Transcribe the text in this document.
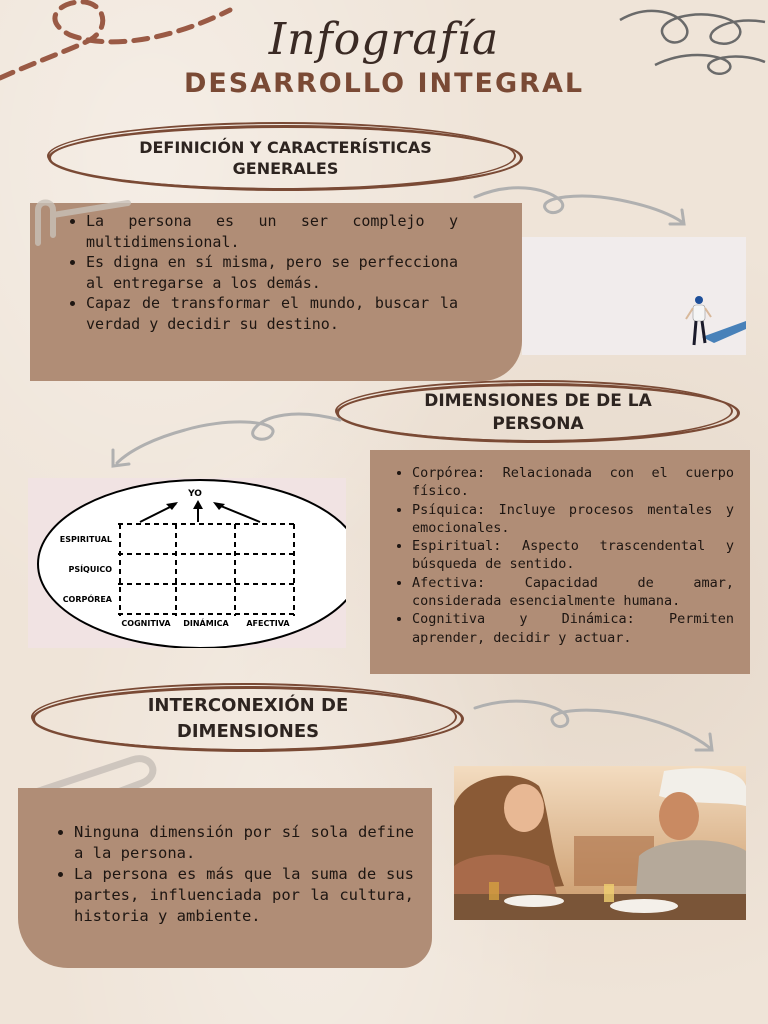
Infografía
DESARROLLO INTEGRAL
DEFINICIÓN Y CARACTERÍSTICAS GENERALES
• La persona es un ser complejo y multidimensional.
• Es digna en sí misma, pero se perfecciona al entregarse a los demás.
• Capaz de transformar el mundo, buscar la verdad y decidir su destino.
DIMENSIONES DE DE LA PERSONA
YO
ESPIRITUAL
PSÍQUICO
CORPÓREA
COGNITIVA DINÁMICA AFECTIVA
• Corpórea: Relacionada con el cuerpo físico.
• Psíquica: Incluye procesos mentales y emocionales.
• Espiritual: Aspecto trascendental y búsqueda de sentido.
• Afectiva: Capacidad de amar, considerada esencialmente humana.
• Cognitiva y Dinámica: Permiten aprender, decidir y actuar.
INTERCONEXIÓN DE DIMENSIONES
• Ninguna dimensión por sí sola define a la persona.
• La persona es más que la suma de sus partes, influenciada por la cultura, historia y ambiente.
